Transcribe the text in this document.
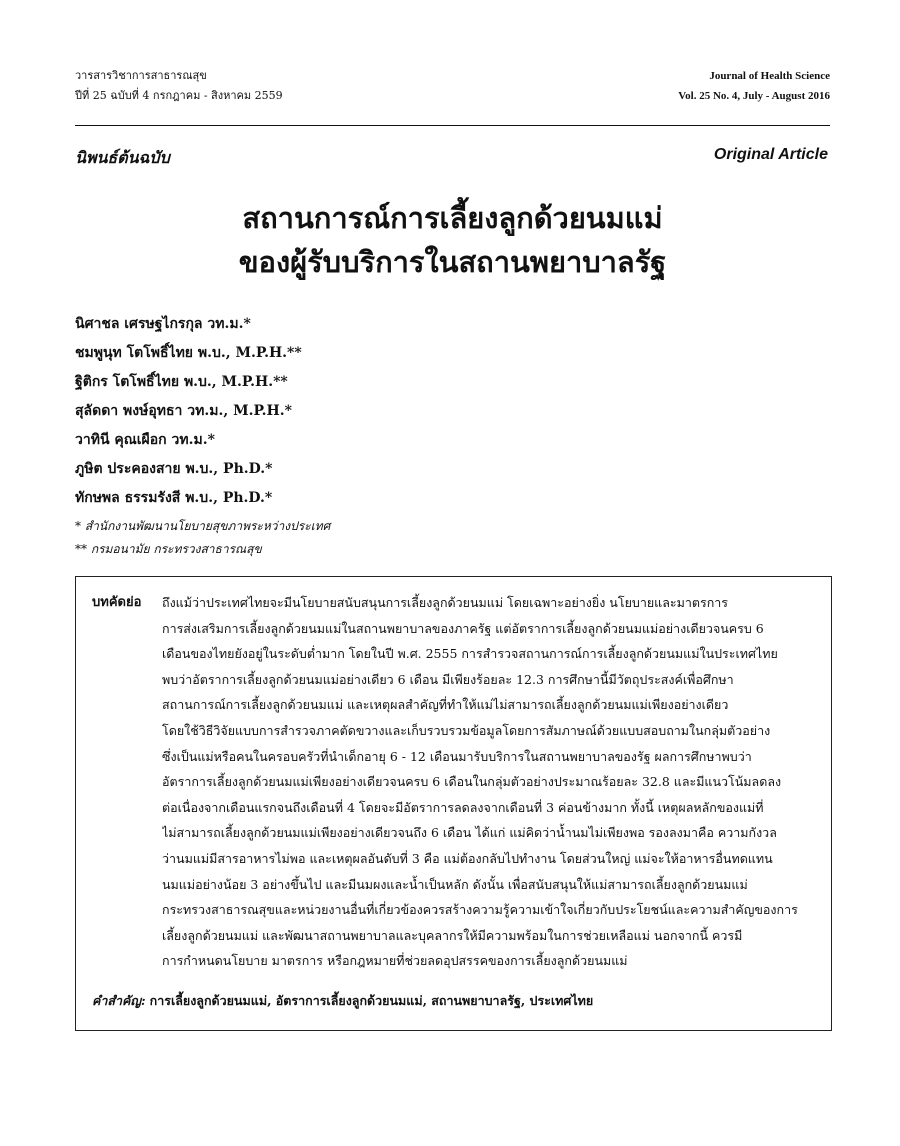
วารสารวิชาการสาธารณสุข
ปีที่ 25 ฉบับที่ 4 กรกฎาคม - สิงหาคม 2559
Journal of Health Science
Vol. 25 No. 4, July - August 2016
นิพนธ์ต้นฉบับ	Original Article
สถานการณ์การเลี้ยงลูกด้วยนมแม่
ของผู้รับบริการในสถานพยาบาลรัฐ
นิศาชล เศรษฐไกรกุล วท.ม.*
ชมพูนุท โตโพธิ์ไทย พ.บ., M.P.H.**
ฐิติกร โตโพธิ์ไทย พ.บ., M.P.H.**
สุลัดดา พงษ์อุทธา วท.ม., M.P.H.*
วาทินี คุณเผือก วท.ม.*
ภูษิต ประคองสาย พ.บ., Ph.D.*
ทักษพล ธรรมรังสี พ.บ., Ph.D.*
* สำนักงานพัฒนานโยบายสุขภาพระหว่างประเทศ
** กรมอนามัย กระทรวงสาธารณสุข
บทคัดย่อ	ถึงแม้ว่าประเทศไทยจะมีนโยบายสนับสนุนการเลี้ยงลูกด้วยนมแม่ โดยเฉพาะอย่างยิ่ง นโยบายและมาตรการ
การส่งเสริมการเลี้ยงลูกด้วยนมแม่ในสถานพยาบาลของภาครัฐ แต่อัตราการเลี้ยงลูกด้วยนมแม่อย่างเดียวจนครบ 6
เดือนของไทยยังอยู่ในระดับต่ำมาก โดยในปี พ.ศ. 2555 การสำรวจสถานการณ์การเลี้ยงลูกด้วยนมแม่ในประเทศไทย
พบว่าอัตราการเลี้ยงลูกด้วยนมแม่อย่างเดียว 6 เดือน มีเพียงร้อยละ 12.3 การศึกษานี้มีวัตถุประสงค์เพื่อศึกษา
สถานการณ์การเลี้ยงลูกด้วยนมแม่ และเหตุผลสำคัญที่ทำให้แม่ไม่สามารถเลี้ยงลูกด้วยนมแม่เพียงอย่างเดียว
โดยใช้วิธีวิจัยแบบการสำรวจภาคตัดขวางและเก็บรวบรวมข้อมูลโดยการสัมภาษณ์ด้วยแบบสอบถามในกลุ่มตัวอย่าง
ซึ่งเป็นแม่หรือคนในครอบครัวที่นำเด็กอายุ 6 - 12 เดือนมารับบริการในสถานพยาบาลของรัฐ ผลการศึกษาพบว่า
อัตราการเลี้ยงลูกด้วยนมแม่เพียงอย่างเดียวจนครบ 6 เดือนในกลุ่มตัวอย่างประมาณร้อยละ 32.8 และมีแนวโน้มลดลง
ต่อเนื่องจากเดือนแรกจนถึงเดือนที่ 4 โดยจะมีอัตราการลดลงจากเดือนที่ 3 ค่อนข้างมาก ทั้งนี้ เหตุผลหลักของแม่ที่
ไม่สามารถเลี้ยงลูกด้วยนมแม่เพียงอย่างเดียวจนถึง 6 เดือน ได้แก่ แม่คิดว่าน้ำนมไม่เพียงพอ รองลงมาคือ ความกังวล
ว่านมแม่มีสารอาหารไม่พอ และเหตุผลอันดับที่ 3 คือ แม่ต้องกลับไปทำงาน โดยส่วนใหญ่ แม่จะให้อาหารอื่นทดแทน
นมแม่อย่างน้อย 3 อย่างขึ้นไป และมีนมผงและน้ำเป็นหลัก ดังนั้น เพื่อสนับสนุนให้แม่สามารถเลี้ยงลูกด้วยนมแม่
กระทรวงสาธารณสุขและหน่วยงานอื่นที่เกี่ยวข้องควรสร้างความรู้ความเข้าใจเกี่ยวกับประโยชน์และความสำคัญของการ
เลี้ยงลูกด้วยนมแม่ และพัฒนาสถานพยาบาลและบุคลากรให้มีความพร้อมในการช่วยเหลือแม่ นอกจากนี้ ควรมี
การกำหนดนโยบาย มาตรการ หรือกฎหมายที่ช่วยลดอุปสรรคของการเลี้ยงลูกด้วยนมแม่
คำสำคัญ: การเลี้ยงลูกด้วยนมแม่, อัตราการเลี้ยงลูกด้วยนมแม่, สถานพยาบาลรัฐ, ประเทศไทย
